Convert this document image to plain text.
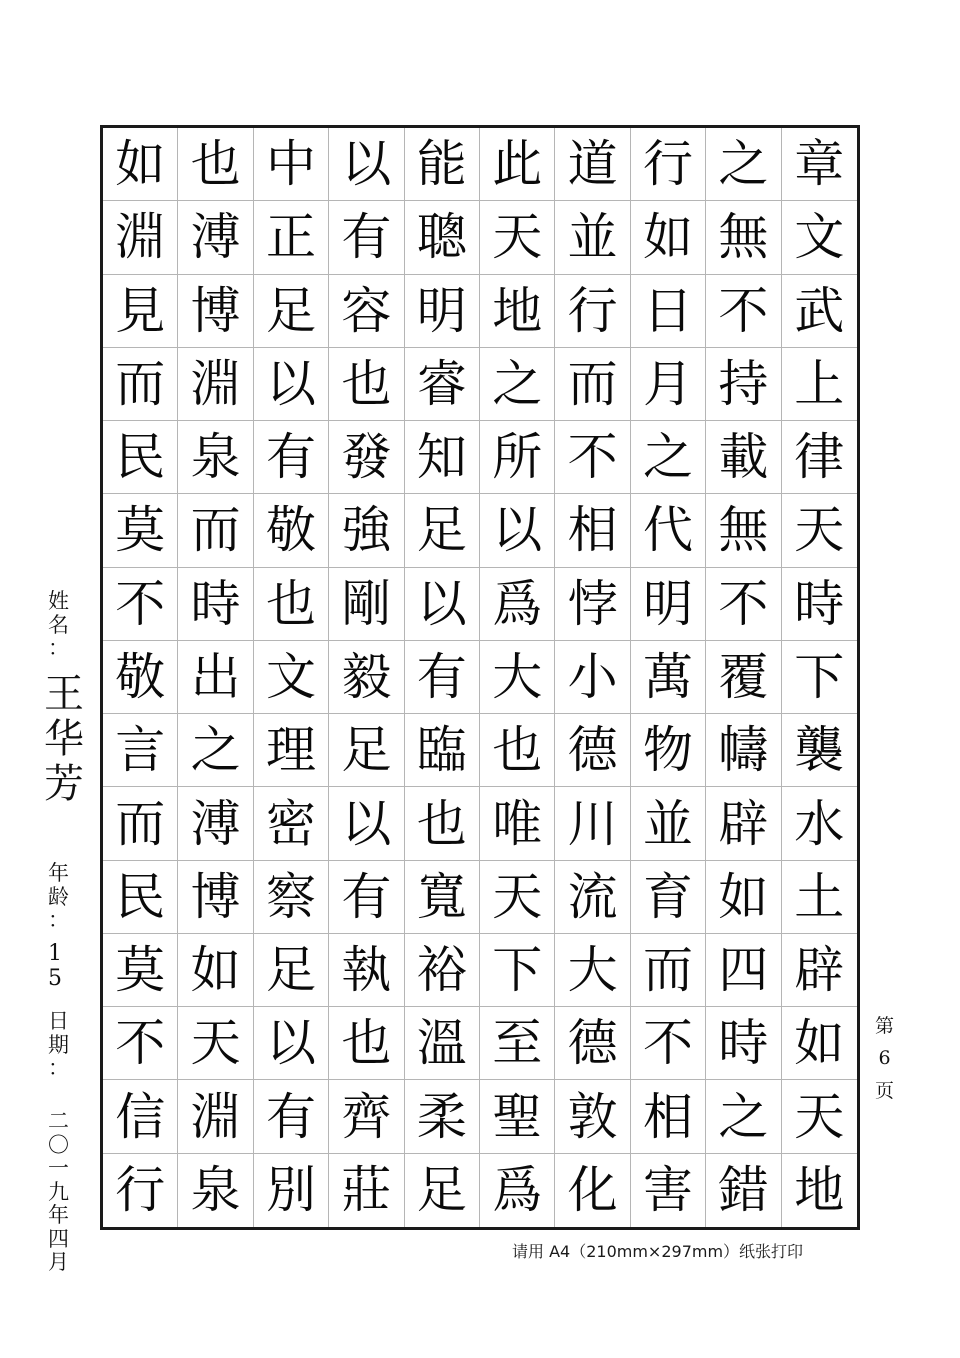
如 也 中 以 能 此 道 行 之 章
淵 溥 正 有 聰 天 並 如 無 文
見 博 足 容 明 地 行 日 不 武
而 淵 以 也 睿 之 而 月 持 上
民 泉 有 發 知 所 不 之 載 律
莫 而 敬 強 足 以 相 代 無 天
不 時 也 剛 以 爲 悖 明 不 時
敬 出 文 毅 有 大 小 萬 覆 下
言 之 理 足 臨 也 德 物 幬 襲
而 溥 密 以 也 唯 川 並 辟 水
民 博 察 有 寬 天 流 育 如 土
莫 如 足 執 裕 下 大 而 四 辟
不 天 以 也 溫 至 德 不 時 如
信 淵 有 齊 柔 聖 敦 相 之 天
行 泉 別 莊 足 爲 化 害 錯 地
姓
名
：
王
华
芳
年
龄
：
1
5
日
期
：
二
〇
一
九
年
四
月
第
6
页
请用 A4（210mm×297mm）纸张打印
